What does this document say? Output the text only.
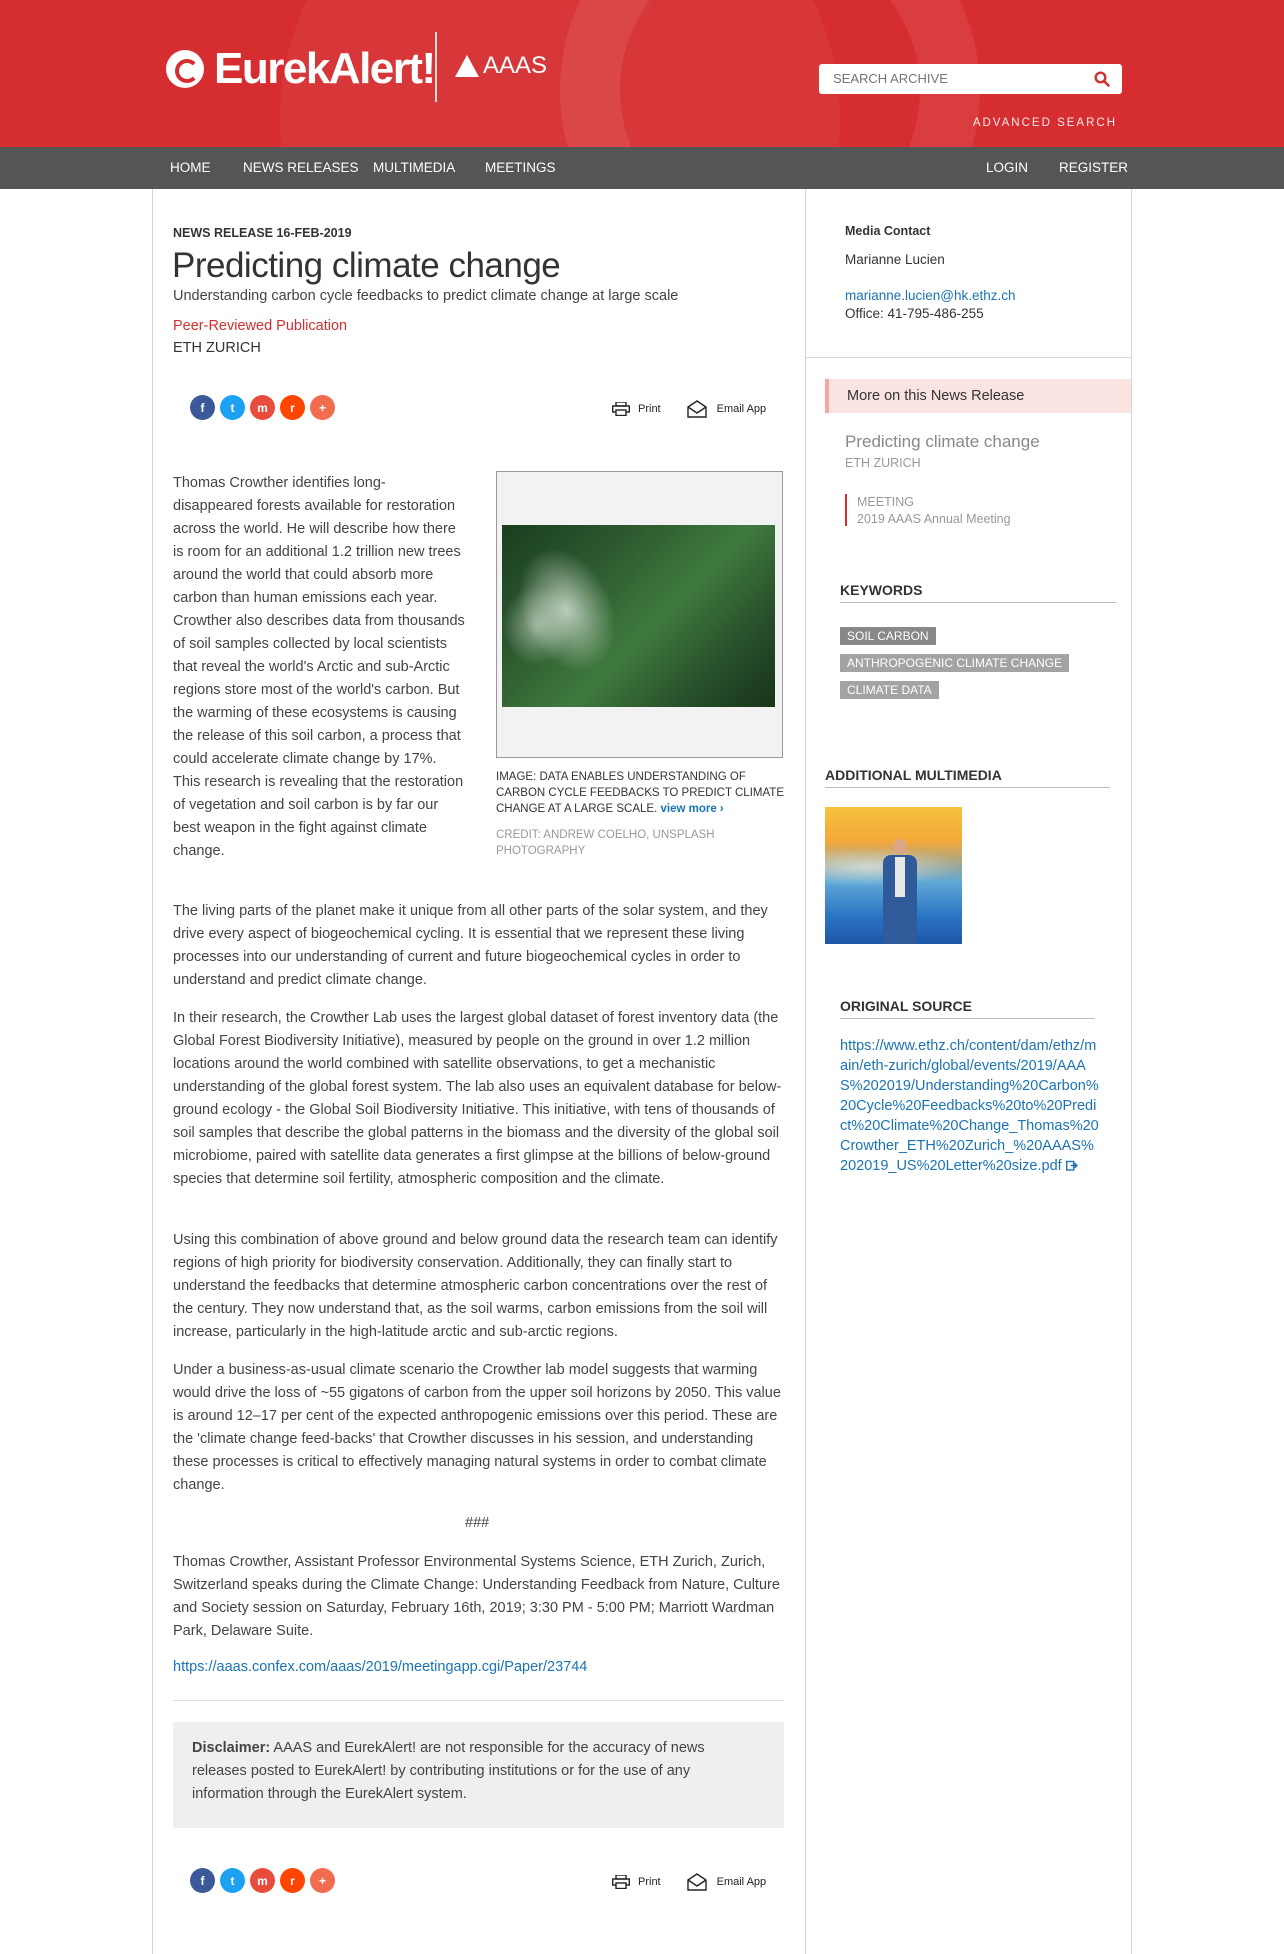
EurekAlert! AAAS
SEARCH ARCHIVE
ADVANCED SEARCH
HOME NEWS RELEASES MULTIMEDIA MEETINGS	LOGIN REGISTER
NEWS RELEASE 16-FEB-2019
Predicting climate change
Understanding carbon cycle feedbacks to predict climate change at large scale
Peer-Reviewed Publication
ETH ZURICH
f	t	m	r	+	Print	Email App
IMAGE: DATA ENABLES UNDERSTANDING OF CARBON CYCLE FEEDBACKS TO PREDICT CLIMATE CHANGE AT A LARGE SCALE. view more ›
CREDIT: ANDREW COELHO, UNSPLASH PHOTOGRAPHY

Thomas Crowther identifies long-disappeared forests available for restoration across the world. He will describe how there is room for an additional 1.2 trillion new trees around the world that could absorb more carbon than human emissions each year. Crowther also describes data from thousands of soil samples collected by local scientists that reveal the world's Arctic and sub-Arctic regions store most of the world's carbon. But the warming of these ecosystems is causing the release of this soil carbon, a process that could accelerate climate change by 17%. This research is revealing that the restoration of vegetation and soil carbon is by far our best weapon in the fight against climate change.

The living parts of the planet make it unique from all other parts of the solar system, and they drive every aspect of biogeochemical cycling. It is essential that we represent these living processes into our understanding of current and future biogeochemical cycles in order to understand and predict climate change.

In their research, the Crowther Lab uses the largest global dataset of forest inventory data (the Global Forest Biodiversity Initiative), measured by people on the ground in over 1.2 million locations around the world combined with satellite observations, to get a mechanistic understanding of the global forest system. The lab also uses an equivalent database for below-ground ecology - the Global Soil Biodiversity Initiative. This initiative, with tens of thousands of soil samples that describe the global patterns in the biomass and the diversity of the global soil microbiome, paired with satellite data generates a first glimpse at the billions of below-ground species that determine soil fertility, atmospheric composition and the climate.

Using this combination of above ground and below ground data the research team can identify regions of high priority for biodiversity conservation. Additionally, they can finally start to understand the feedbacks that determine atmospheric carbon concentrations over the rest of the century. They now understand that, as the soil warms, carbon emissions from the soil will increase, particularly in the high-latitude arctic and sub-arctic regions.

Under a business-as-usual climate scenario the Crowther lab model suggests that warming would drive the loss of ~55 gigatons of carbon from the upper soil horizons by 2050. This value is around 12–17 per cent of the expected anthropogenic emissions over this period. These are the 'climate change feed-backs' that Crowther discusses in his session, and understanding these processes is critical to effectively managing natural systems in order to combat climate change.

###

Thomas Crowther, Assistant Professor Environmental Systems Science, ETH Zurich, Zurich, Switzerland speaks during the Climate Change: Understanding Feedback from Nature, Culture and Society session on Saturday, February 16th, 2019; 3:30 PM - 5:00 PM; Marriott Wardman Park, Delaware Suite.

https://aaas.confex.com/aaas/2019/meetingapp.cgi/Paper/23744

Disclaimer: AAAS and EurekAlert! are not responsible for the accuracy of news releases posted to EurekAlert! by contributing institutions or for the use of any information through the EurekAlert system.

f	t	m	r	+	Print	Email App
Media Contact
Marianne Lucien
marianne.lucien@hk.ethz.ch
Office: 41-795-486-255
More on this News Release
Predicting climate change
ETH ZURICH
MEETING
2019 AAAS Annual Meeting
KEYWORDS
SOIL CARBON
ANTHROPOGENIC CLIMATE CHANGE
CLIMATE DATA
ADDITIONAL MULTIMEDIA
ORIGINAL SOURCE
https://www.ethz.ch/content/dam/ethz/main/eth-zurich/global/events/2019/AAAS%202019/Understanding%20Carbon%20Cycle%20Feedbacks%20to%20Predict%20Climate%20Change_Thomas%20Crowther_ETH%20Zurich_%20AAAS%202019_US%20Letter%20size.pdf
